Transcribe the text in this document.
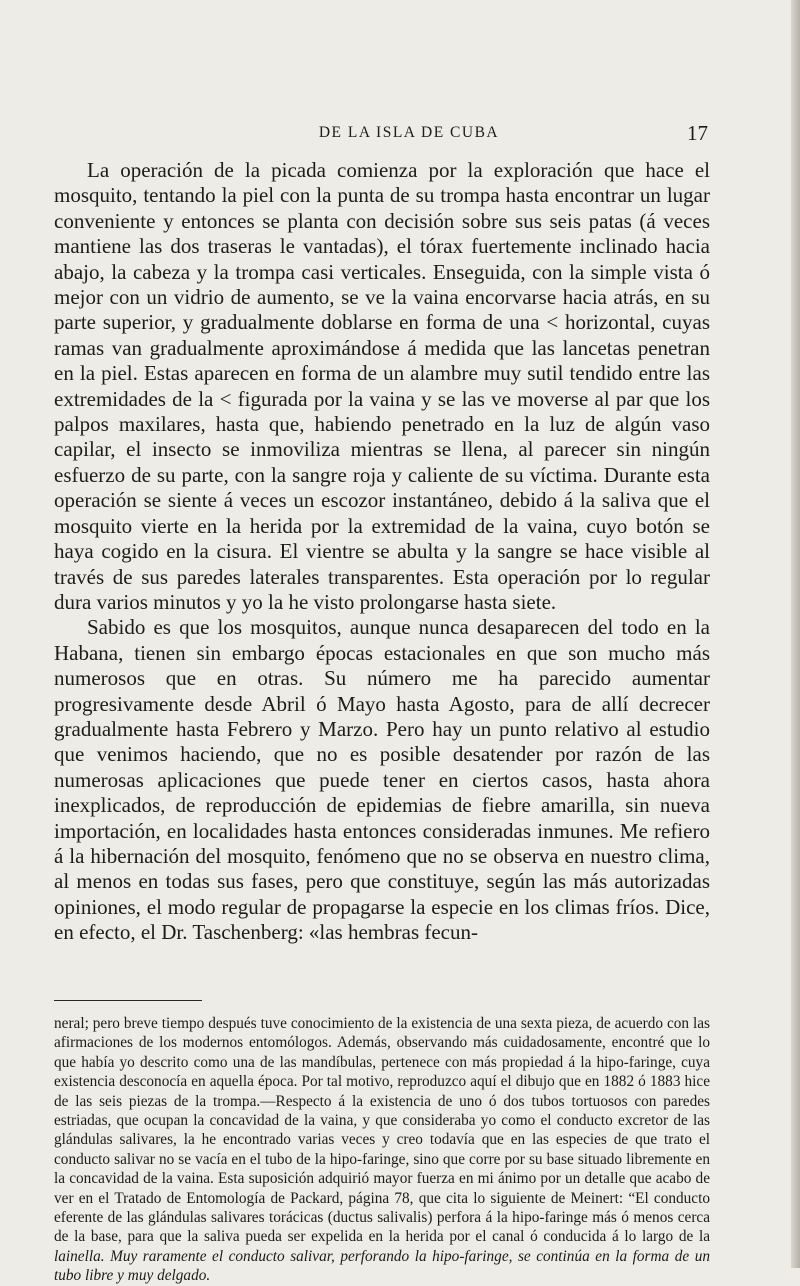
DE LA ISLA DE CUBA	17

La operación de la picada comienza por la exploración que hace el mosquito, tentando la piel con la punta de su trompa hasta encontrar un lugar conveniente y entonces se planta con decisión sobre sus seis patas (á veces mantiene las dos traseras le vantadas), el tórax fuertemente inclinado hacia abajo, la cabeza y la trompa casi verticales. Enseguida, con la simple vista ó mejor con un vidrio de aumento, se ve la vaina encorvarse hacia atrás, en su parte superior, y gradualmente doblarse en forma de una < horizontal, cuyas ramas van gradualmente aproximándose á medida que las lancetas penetran en la piel. Estas aparecen en forma de un alambre muy sutil tendido entre las extremidades de la < figurada por la vaina y se las ve moverse al par que los palpos maxilares, hasta que, habiendo penetrado en la luz de algún vaso capilar, el insecto se inmoviliza mientras se llena, al parecer sin ningún esfuerzo de su parte, con la sangre roja y caliente de su víctima. Durante esta operación se siente á veces un escozor instantáneo, debido á la saliva que el mosquito vierte en la herida por la extremidad de la vaina, cuyo botón se haya cogido en la cisura. El vientre se abulta y la sangre se hace visible al través de sus paredes laterales transparentes. Esta operación por lo regular dura varios minutos y yo la he visto prolongarse hasta siete.

Sabido es que los mosquitos, aunque nunca desaparecen del todo en la Habana, tienen sin embargo épocas estacionales en que son mucho más numerosos que en otras. Su número me ha parecido aumentar progresivamente desde Abril ó Mayo hasta Agosto, para de allí decrecer gradualmente hasta Febrero y Marzo. Pero hay un punto relativo al estudio que venimos haciendo, que no es posible desatender por razón de las numerosas aplicaciones que puede tener en ciertos casos, hasta ahora inexplicados, de reproducción de epidemias de fiebre amarilla, sin nueva importación, en localidades hasta entonces consideradas inmunes. Me refiero á la hibernación del mosquito, fenómeno que no se observa en nuestro clima, al menos en todas sus fases, pero que constituye, según las más autorizadas opiniones, el modo regular de propagarse la especie en los climas fríos. Dice, en efecto, el Dr. Taschenberg: «las hembras fecun-

neral; pero breve tiempo después tuve conocimiento de la existencia de una sexta pieza, de acuerdo con las afirmaciones de los modernos entomólogos. Además, observando más cuidadosamente, encontré que lo que había yo descrito como una de las mandíbulas, pertenece con más propiedad á la hipo-faringe, cuya existencia desconocía en aquella época. Por tal motivo, reproduzco aquí el dibujo que en 1882 ó 1883 hice de las seis piezas de la trompa.—Respecto á la existencia de uno ó dos tubos tortuosos con paredes estriadas, que ocupan la concavidad de la vaina, y que consideraba yo como el conducto excretor de las glándulas salivares, la he encontrado varias veces y creo todavía que en las especies de que trato el conducto salivar no se vacía en el tubo de la hipo-faringe, sino que corre por su base situado libremente en la concavidad de la vaina. Esta suposición adquirió mayor fuerza en mi ánimo por un detalle que acabo de ver en el Tratado de Entomología de Packard, página 78, que cita lo siguiente de Meinert: “El conducto eferente de las glándulas salivares torácicas (ductus salivalis) perfora á la hipo-faringe más ó menos cerca de la base, para que la saliva pueda ser expelida en la herida por el canal ó conducida á lo largo de la lainella. Muy raramente el conducto salivar, perforando la hipo-faringe, se continúa en la forma de un tubo libre y muy delgado.
